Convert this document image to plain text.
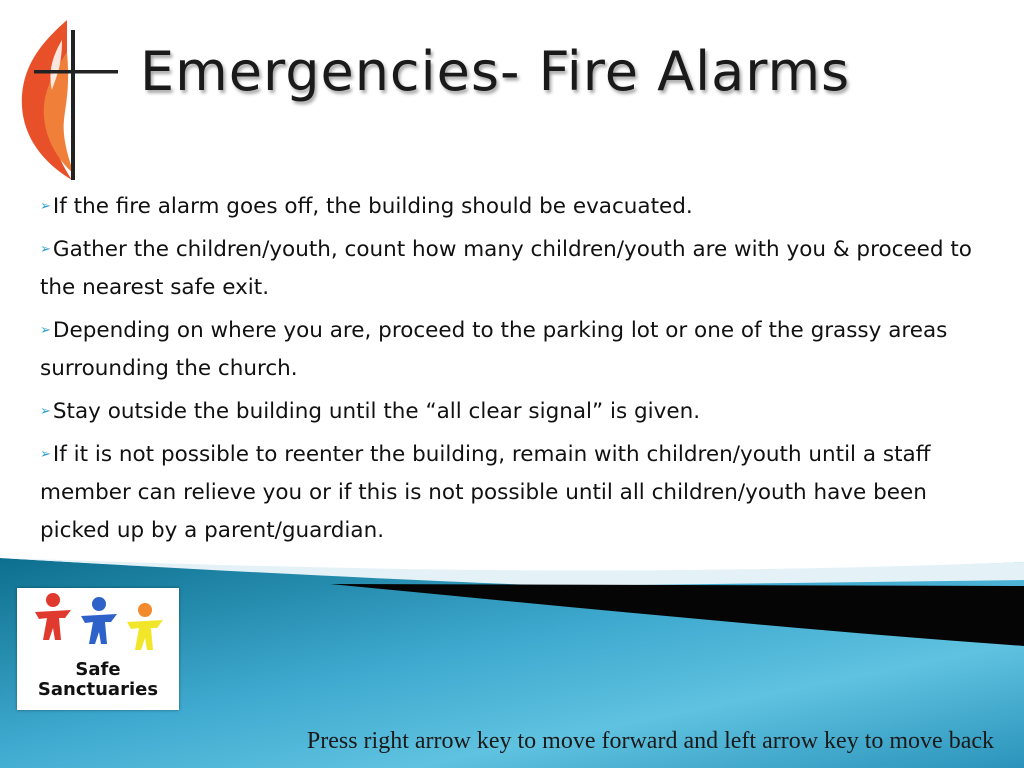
Emergencies- Fire Alarms
➢If the fire alarm goes off, the building should be evacuated.
➢Gather the children/youth, count how many children/youth are with you & proceed to the nearest safe exit.
➢Depending on where you are, proceed to the parking lot or one of the grassy areas surrounding the church.
➢Stay outside the building until the “all clear signal” is given.
➢If it is not possible to reenter the building, remain with children/youth until a staff member can relieve you or if this is not possible until all children/youth have been picked up by a parent/guardian.
Safe
Sanctuaries

Press right arrow key to move forward and left arrow key to move back
